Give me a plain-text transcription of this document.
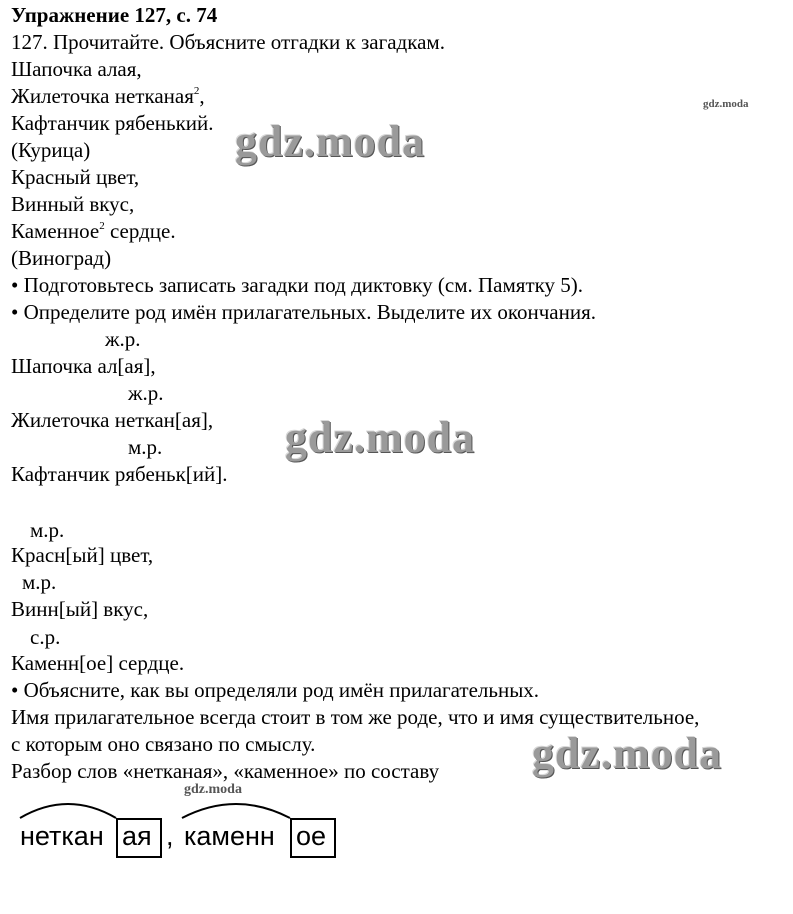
Упражнение 127, с. 74
127. Прочитайте. Объясните отгадки к загадкам.
Шапочка алая,
Жилеточка нетканая$^2$,
Кафтанчик рябенький.
(Курица)
Красный цвет,
Винный вкус,
Каменное$^2$ сердце.
(Виноград)
• Подготовьтесь записать загадки под диктовку (см. Памятку 5).
• Определите род имён прилагательных. Выделите их окончания.
ж.р.
Шапочка ал[ая],
ж.р.
Жилеточка неткан[ая],
м.р.
Кафтанчик рябеньк[ий].
м.р.
Красн[ый] цвет,
м.р.
Винн[ый] вкус,
с.р.
Каменн[ое] сердце.
• Объясните, как вы определяли род имён прилагательных.
Имя прилагательное всегда стоит в том же роде, что и имя существительное,
с которым оно связано по смыслу.
Разбор слов «нетканая», «каменное» по составу
gdz.moda
gdz.moda
gdz.moda
gdz.moda
gdz.moda
неткан ая , каменн ое
